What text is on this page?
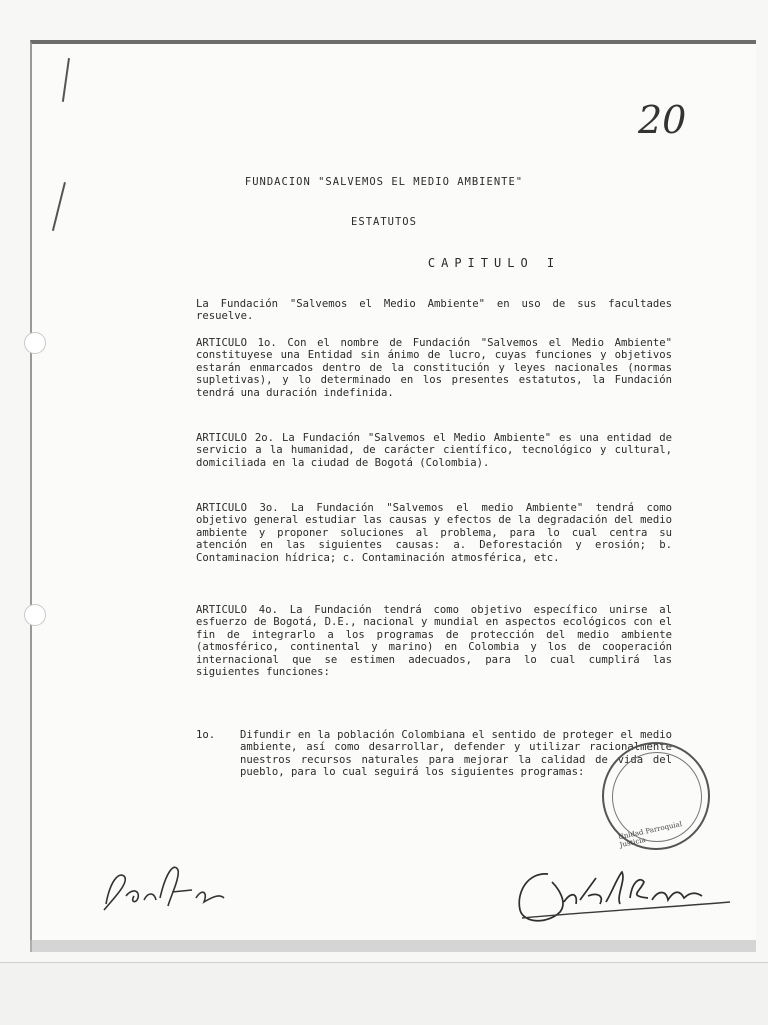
20
FUNDACION "SALVEMOS EL MEDIO AMBIENTE"
ESTATUTOS
CAPITULO I
La Fundación "Salvemos el Medio Ambiente" en uso de sus facultades resuelve.
ARTICULO 1o. Con el nombre de Fundación "Salvemos el Medio Ambiente" constituyese una Entidad sin ánimo de lucro, cuyas funciones y objetivos estarán enmarcados dentro de la constitución y leyes nacionales (normas supletivas), y lo determinado en los presentes estatutos, la Fundación tendrá una duración indefinida.
ARTICULO 2o. La Fundación "Salvemos el Medio Ambiente" es una entidad de servicio a la humanidad, de carácter científico, tecnológico y cultural, domiciliada en la ciudad de Bogotá (Colombia).
ARTICULO 3o. La Fundación "Salvemos el medio Ambiente" tendrá como objetivo general estudiar las causas y efectos de la degradación del medio ambiente y proponer soluciones al problema, para lo cual centra su atención en las siguientes causas: a. Deforestación y erosión; b. Contaminacion hídrica; c. Contaminación atmosférica, etc.
ARTICULO 4o. La Fundación tendrá como objetivo específico unirse al esfuerzo de Bogotá, D.E., nacional y mundial en aspectos ecológicos con el fin de integrarlo a los programas de protección del medio ambiente (atmosférico, continental y marino) en Colombia y los de cooperación internacional que se estimen adecuados, para lo cual cumplirá las siguientes funciones:
1o. Difundir en la población Colombiana el sentido de proteger el medio ambiente, así como desarrollar, defender y utilizar racionalmente nuestros recursos naturales para mejorar la calidad de vida del pueblo, para lo cual seguirá los siguientes programas:
Unidad Parroquial Justicia
